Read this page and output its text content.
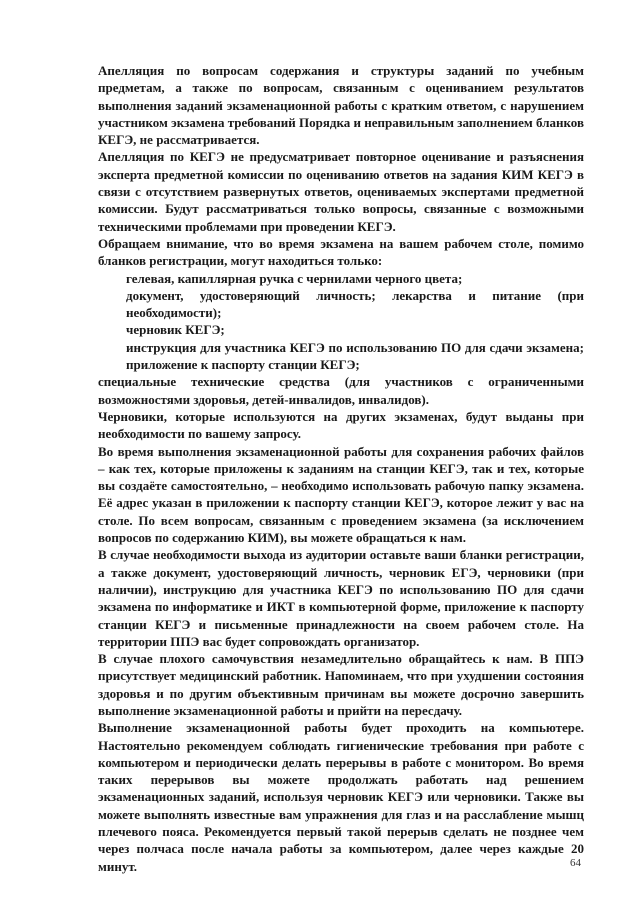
Апелляция по вопросам содержания и структуры заданий по учебным предметам, а также по вопросам, связанным с оцениванием результатов выполнения заданий экзаменационной работы с кратким ответом, с нарушением участником экзамена требований Порядка и неправильным заполнением бланков КЕГЭ, не рассматривается.

Апелляция по КЕГЭ не предусматривает повторное оценивание и разъяснения эксперта предметной комиссии по оцениванию ответов на задания КИМ КЕГЭ в связи с отсутствием развернутых ответов, оцениваемых экспертами предметной комиссии. Будут рассматриваться только вопросы, связанные с возможными техническими проблемами при проведении КЕГЭ.

Обращаем внимание, что во время экзамена на вашем рабочем столе, помимо бланков регистрации, могут находиться только:

гелевая, капиллярная ручка с чернилами черного цвета;

документ, удостоверяющий личность; лекарства и питание (при необходимости);

черновик КЕГЭ;

инструкция для участника КЕГЭ по использованию ПО для сдачи экзамена; приложение к паспорту станции КЕГЭ;

специальные технические средства (для участников с ограниченными возможностями здоровья, детей-инвалидов, инвалидов).

Черновики, которые используются на других экзаменах, будут выданы при необходимости по вашему запросу.

Во время выполнения экзаменационной работы для сохранения рабочих файлов – как тех, которые приложены к заданиям на станции КЕГЭ, так и тех, которые вы создаёте самостоятельно, – необходимо использовать рабочую папку экзамена. Её адрес указан в приложении к паспорту станции КЕГЭ, которое лежит у вас на столе. По всем вопросам, связанным с проведением экзамена (за исключением вопросов по содержанию КИМ), вы можете обращаться к нам.

В случае необходимости выхода из аудитории оставьте ваши бланки регистрации, а также документ, удостоверяющий личность, черновик ЕГЭ, черновики (при наличии), инструкцию для участника КЕГЭ по использованию ПО для сдачи экзамена по информатике и ИКТ в компьютерной форме, приложение к паспорту станции КЕГЭ и письменные принадлежности на своем рабочем столе. На территории ППЭ вас будет сопровождать организатор.

В случае плохого самочувствия незамедлительно обращайтесь к нам. В ППЭ присутствует медицинский работник. Напоминаем, что при ухудшении состояния здоровья и по другим объективным причинам вы можете досрочно завершить выполнение экзаменационной работы и прийти на пересдачу.

Выполнение экзаменационной работы будет проходить на компьютере. Настоятельно рекомендуем соблюдать гигиенические требования при работе с компьютером и периодически делать перерывы в работе с монитором. Во время таких перерывов вы можете продолжать работать над решением экзаменационных заданий, используя черновик КЕГЭ или черновики. Также вы можете выполнять известные вам упражнения для глаз и на расслабление мышц плечевого пояса. Рекомендуется первый такой перерыв сделать не позднее чем через полчаса после начала работы за компьютером, далее через каждые 20 минут.	64
